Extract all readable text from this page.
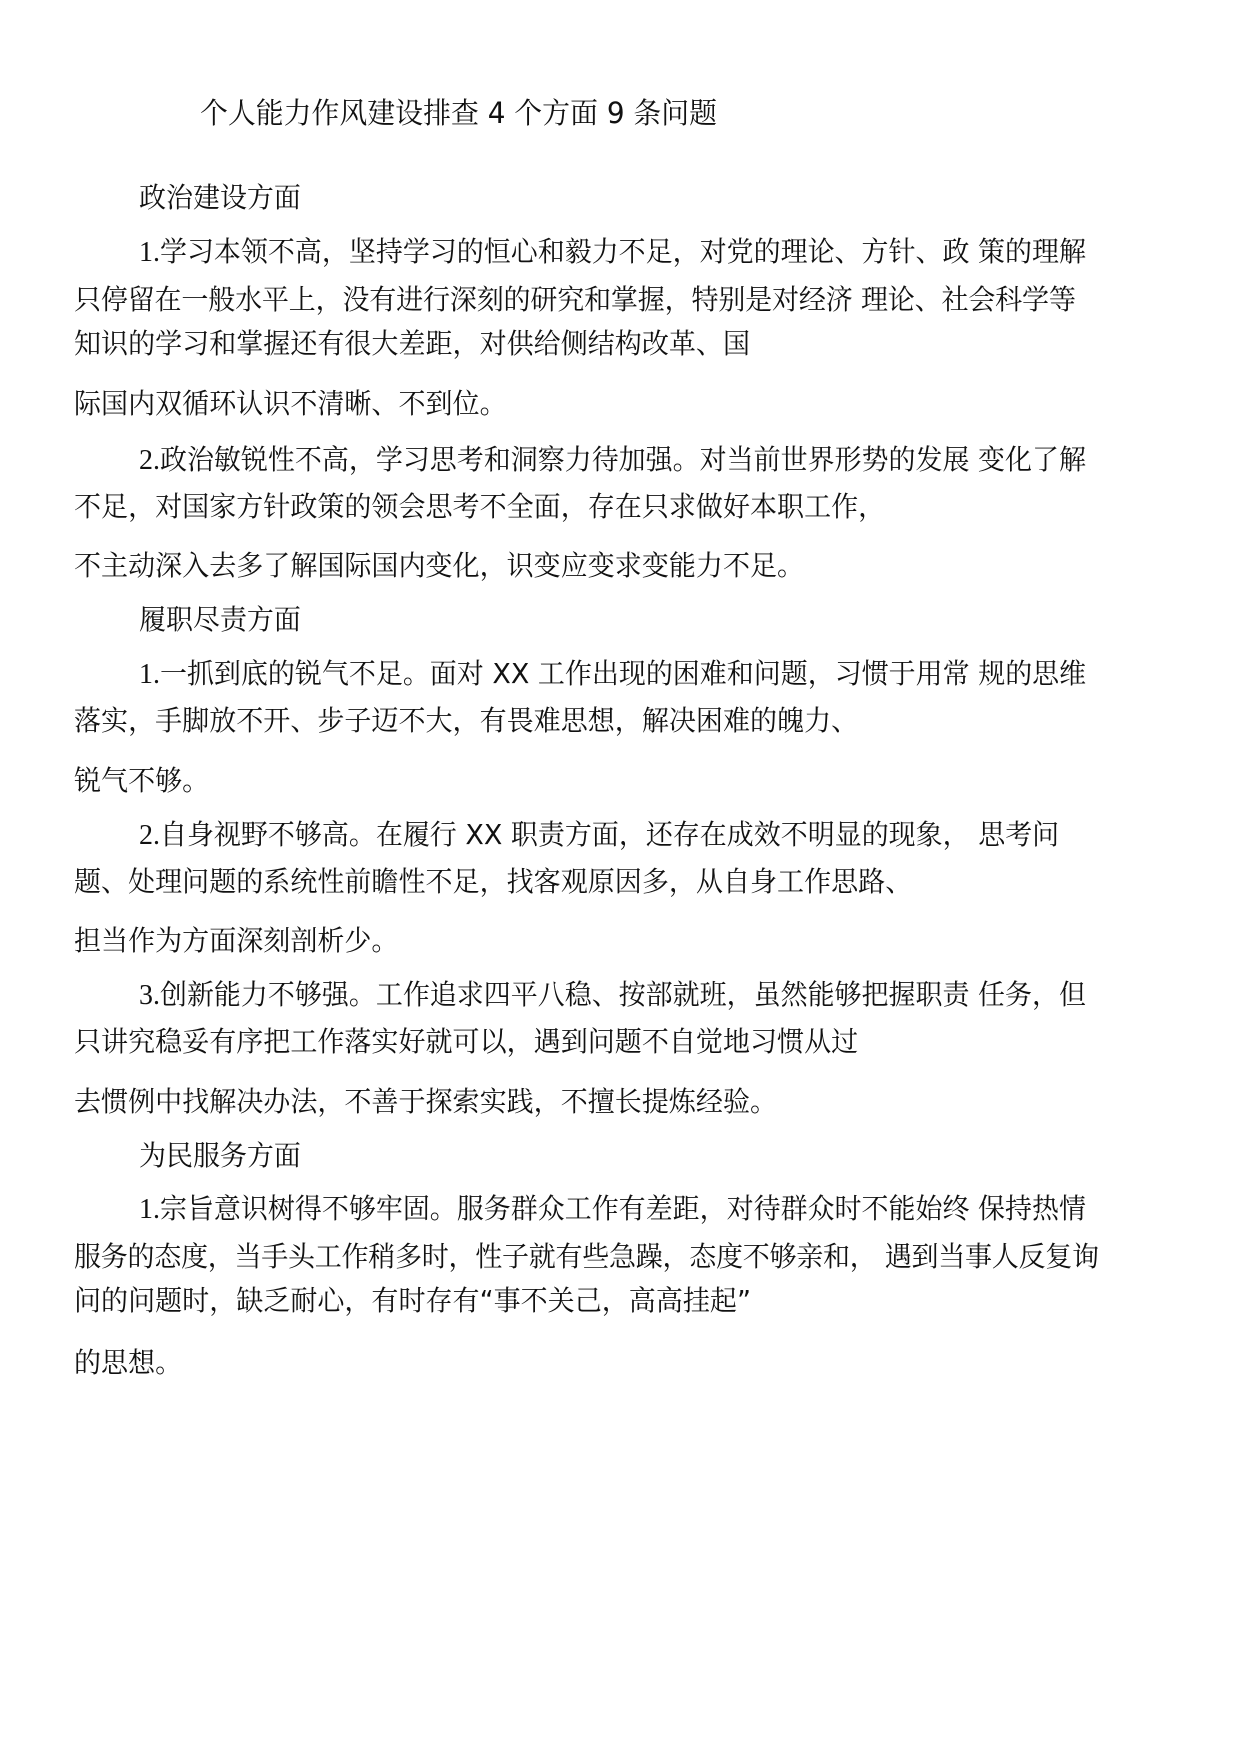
个人能力作风建设排查 4 个方面 9 条问题
政治建设方面
1.学习本领不高，坚持学习的恒心和毅力不足，对党的理论、方针、政 策的理解
只停留在一般水平上，没有进行深刻的研究和掌握，特别是对经济 理论、社会科学等
知识的学习和掌握还有很大差距，对供给侧结构改革、国
际国内双循环认识不清晰、不到位。
2.政治敏锐性不高，学习思考和洞察力待加强。对当前世界形势的发展 变化了解
不足，对国家方针政策的领会思考不全面，存在只求做好本职工作，
不主动深入去多了解国际国内变化，识变应变求变能力不足。
履职尽责方面
1.一抓到底的锐气不足。面对 XX 工作出现的困难和问题，习惯于用常 规的思维
落实，手脚放不开、步子迈不大，有畏难思想，解决困难的魄力、
锐气不够。
2.自身视野不够高。在履行 XX 职责方面，还存在成效不明显的现象， 思考问
题、处理问题的系统性前瞻性不足，找客观原因多，从自身工作思路、
担当作为方面深刻剖析少。
3.创新能力不够强。工作追求四平八稳、按部就班，虽然能够把握职责 任务，但
只讲究稳妥有序把工作落实好就可以，遇到问题不自觉地习惯从过
去惯例中找解决办法，不善于探索实践，不擅长提炼经验。
为民服务方面
1.宗旨意识树得不够牢固。服务群众工作有差距，对待群众时不能始终 保持热情
服务的态度，当手头工作稍多时，性子就有些急躁，态度不够亲和， 遇到当事人反复询
问的问题时，缺乏耐心，有时存有“事不关己，高高挂起”
的思想。
